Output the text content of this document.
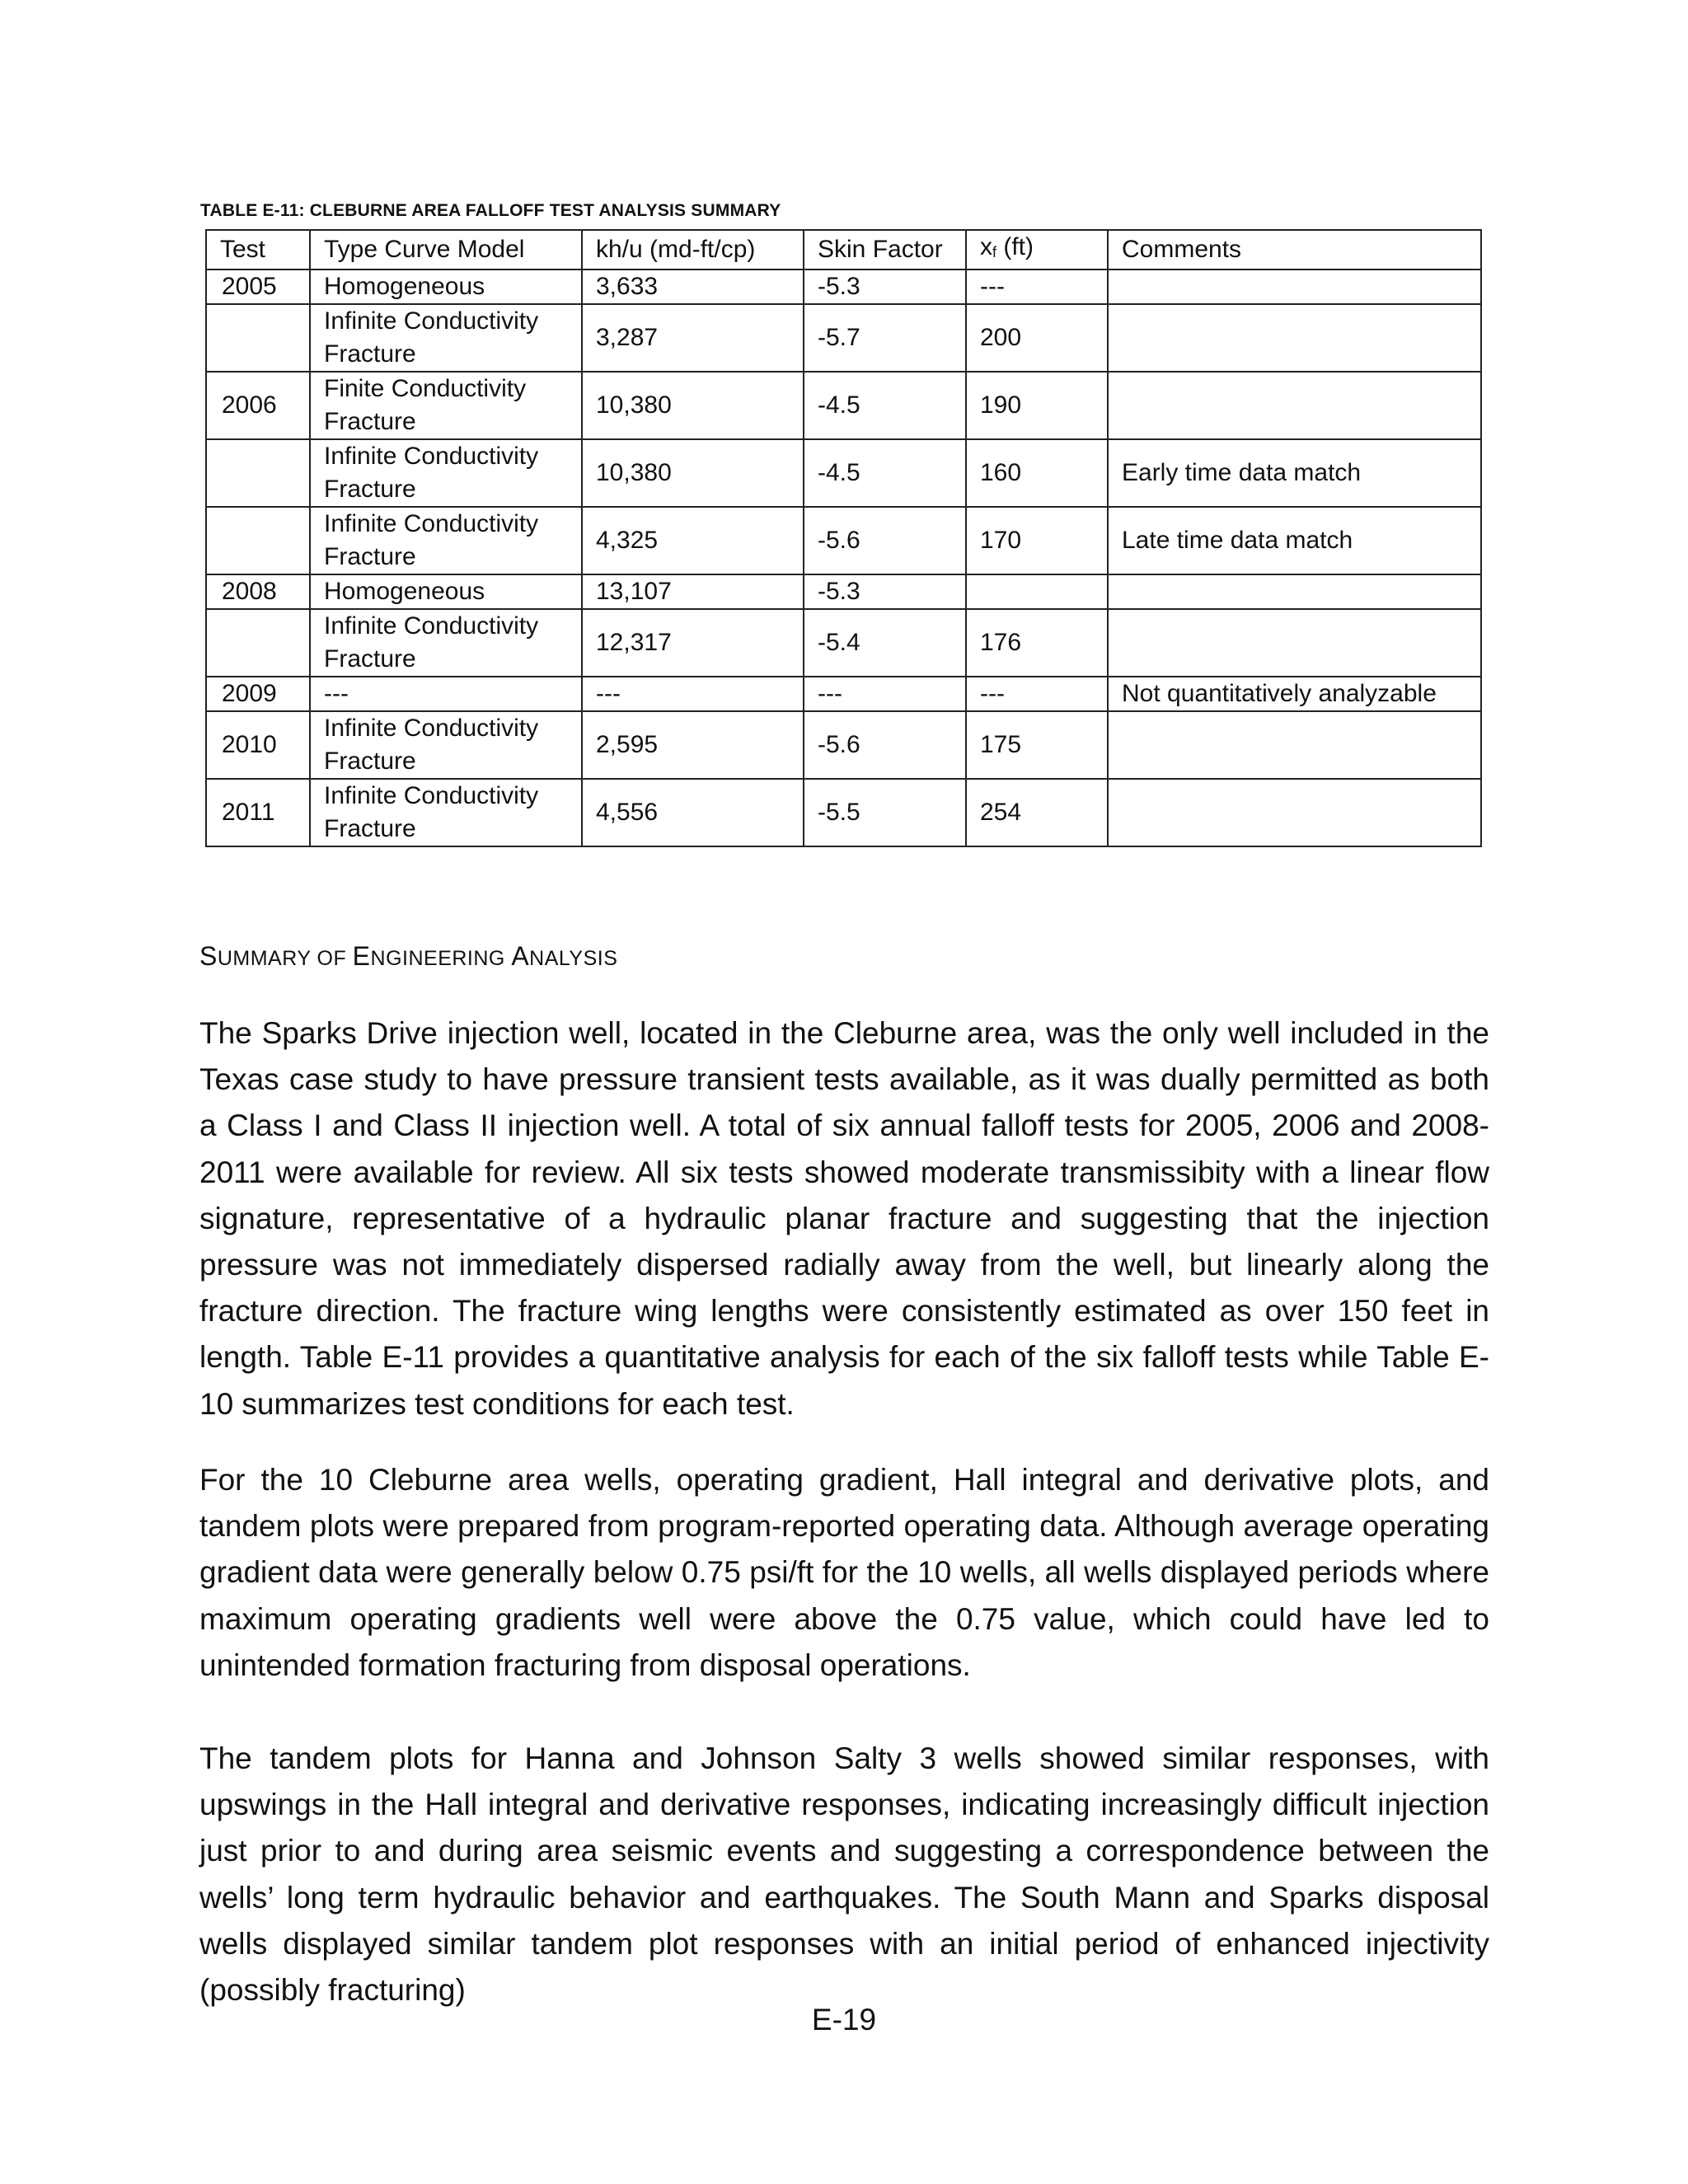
TABLE E-11: CLEBURNE AREA FALLOFF TEST ANALYSIS SUMMARY
Test	Type Curve Model	kh/u (md-ft/cp)	Skin Factor	xf (ft)	Comments
2005	Homogeneous	3,633	-5.3	---	
	Infinite Conductivity
Fracture	3,287	-5.7	200	
2006	Finite Conductivity
Fracture	10,380	-4.5	190	
	Infinite Conductivity
Fracture	10,380	-4.5	160	Early time data match
	Infinite Conductivity
Fracture	4,325	-5.6	170	Late time data match
2008	Homogeneous	13,107	-5.3		
	Infinite Conductivity
Fracture	12,317	-5.4	176	
2009	---	---	---	---	Not quantitatively analyzable
2010	Infinite Conductivity
Fracture	2,595	-5.6	175	
2011	Infinite Conductivity
Fracture	4,556	-5.5	254	
SUMMARY OF ENGINEERING ANALYSIS

The Sparks Drive injection well, located in the Cleburne area, was the only well included in the Texas case study to have pressure transient tests available, as it was dually permitted as both a Class I and Class II injection well. A total of six annual falloff tests for 2005, 2006 and 2008-2011 were available for review. All six tests showed moderate transmissibity with a linear flow signature, representative of a hydraulic planar fracture and suggesting that the injection pressure was not immediately dispersed radially away from the well, but linearly along the fracture direction. The fracture wing lengths were consistently estimated as over 150 feet in length. Table E-11 provides a quantitative analysis for each of the six falloff tests while Table E-10 summarizes test conditions for each test.

For the 10 Cleburne area wells, operating gradient, Hall integral and derivative plots, and tandem plots were prepared from program-reported operating data. Although average operating gradient data were generally below 0.75 psi/ft for the 10 wells, all wells displayed periods where maximum operating gradients well were above the 0.75 value, which could have led to unintended formation fracturing from disposal operations.

The tandem plots for Hanna and Johnson Salty 3 wells showed similar responses, with upswings in the Hall integral and derivative responses, indicating increasingly difficult injection just prior to and during area seismic events and suggesting a correspondence between the wells’ long term hydraulic behavior and earthquakes. The South Mann and Sparks disposal wells displayed similar tandem plot responses with an initial period of enhanced injectivity (possibly fracturing)

E-19
